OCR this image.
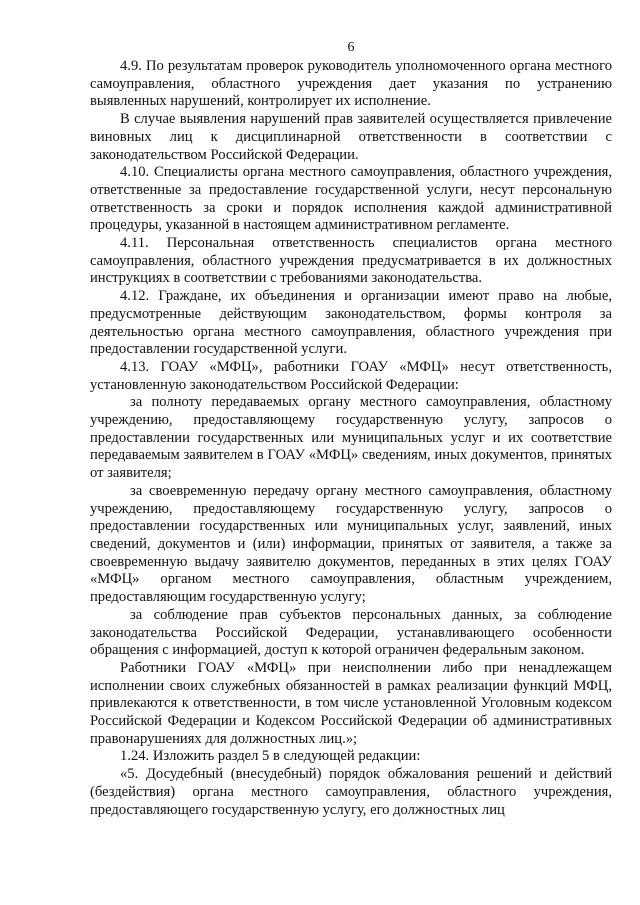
6

4.9. По результатам проверок руководитель уполномоченного органа местного самоуправления, областного учреждения дает указания по устранению выявленных нарушений, контролирует их исполнение.

В случае выявления нарушений прав заявителей осуществляется привлечение виновных лиц к дисциплинарной ответственности в соответствии с законодательством Российской Федерации.

4.10. Специалисты органа местного самоуправления, областного учреждения, ответственные за предоставление государственной услуги, несут персональную ответственность за сроки и порядок исполнения каждой административной процедуры, указанной в настоящем административном регламенте.

4.11. Персональная ответственность специалистов органа местного самоуправления, областного учреждения предусматривается в их должностных инструкциях в соответствии с требованиями законодательства.

4.12. Граждане, их объединения и организации имеют право на любые, предусмотренные действующим законодательством, формы контроля за деятельностью органа местного самоуправления, областного учреждения при предоставлении государственной услуги.

4.13. ГОАУ «МФЦ», работники ГОАУ «МФЦ» несут ответственность, установленную законодательством Российской Федерации:

за полноту передаваемых органу местного самоуправления, областному учреждению, предоставляющему государственную услугу, запросов о предоставлении государственных или муниципальных услуг и их соответствие передаваемым заявителем в ГОАУ «МФЦ» сведениям, иных документов, принятых от заявителя;

за своевременную передачу органу местного самоуправления, областному учреждению, предоставляющему государственную услугу, запросов о предоставлении государственных или муниципальных услуг, заявлений, иных сведений, документов и (или) информации, принятых от заявителя, а также за своевременную выдачу заявителю документов, переданных в этих целях ГОАУ «МФЦ» органом местного самоуправления, областным учреждением, предоставляющим государственную услугу;

за соблюдение прав субъектов персональных данных, за соблюдение законодательства Российской Федерации, устанавливающего особенности обращения с информацией, доступ к которой ограничен федеральным законом.

Работники ГОАУ «МФЦ» при неисполнении либо при ненадлежащем исполнении своих служебных обязанностей в рамках реализации функций МФЦ, привлекаются к ответственности, в том числе установленной Уголовным кодексом Российской Федерации и Кодексом Российской Федерации об административных правонарушениях для должностных лиц.»;

1.24. Изложить раздел 5 в следующей редакции:

«5. Досудебный (внесудебный) порядок обжалования решений и действий (бездействия) органа местного самоуправления, областного учреждения, предоставляющего государственную услугу, его должностных лиц
